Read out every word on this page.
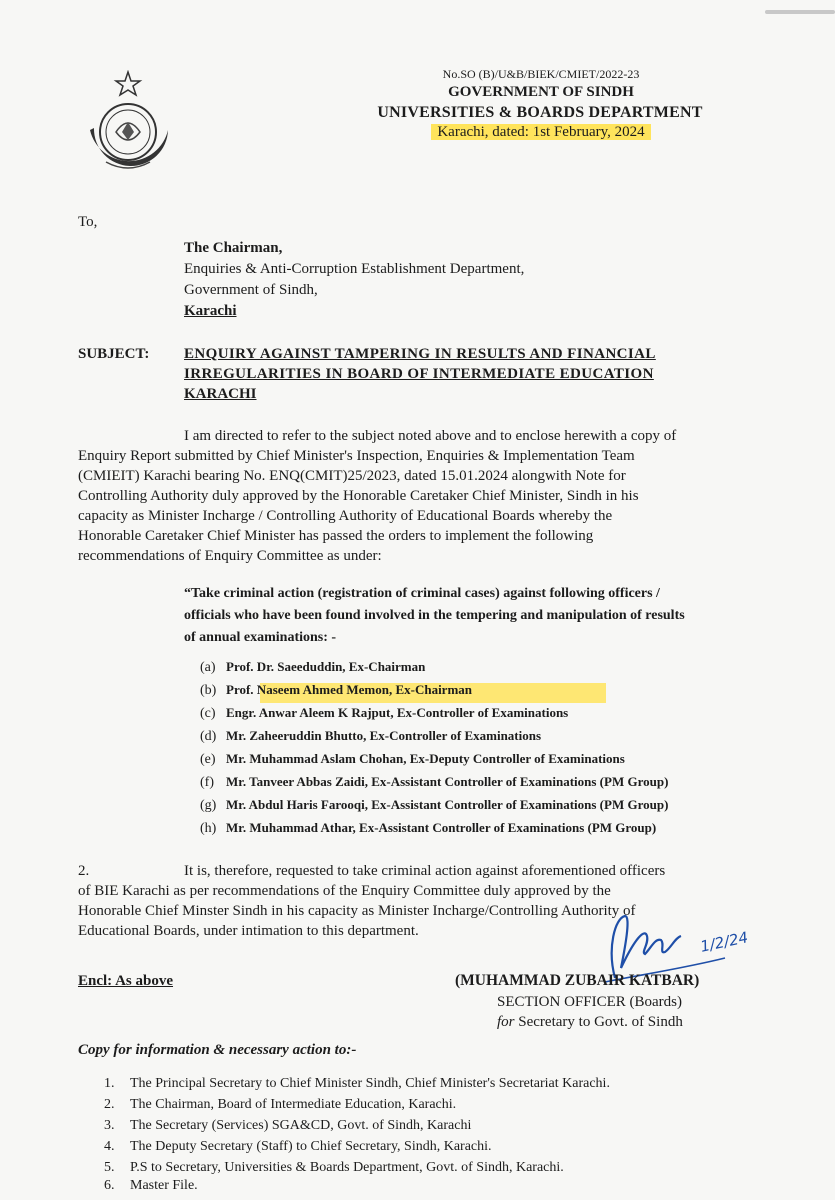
No.SO (B)/U&B/BIEK/CMIET/2022-23
GOVERNMENT OF SINDH
UNIVERSITIES & BOARDS DEPARTMENT
Karachi, dated: 1st February, 2024
To,
The Chairman,
Enquiries & Anti-Corruption Establishment Department,
Government of Sindh,
Karachi
SUBJECT: ENQUIRY AGAINST TAMPERING IN RESULTS AND FINANCIAL
IRREGULARITIES IN BOARD OF INTERMEDIATE EDUCATION
KARACHI
I am directed to refer to the subject noted above and to enclose herewith a copy of
Enquiry Report submitted by Chief Minister's Inspection, Enquiries & Implementation Team
(CMIEIT) Karachi bearing No. ENQ(CMIT)25/2023, dated 15.01.2024 alongwith Note for
Controlling Authority duly approved by the Honorable Caretaker Chief Minister, Sindh in his
capacity as Minister Incharge / Controlling Authority of Educational Boards whereby the
Honorable Caretaker Chief Minister has passed the orders to implement the following
recommendations of Enquiry Committee as under:
“Take criminal action (registration of criminal cases) against following officers /
officials who have been found involved in the tempering and manipulation of results
of annual examinations: -
(a) Prof. Dr. Saeeduddin, Ex-Chairman
(b) Prof. Naseem Ahmed Memon, Ex-Chairman
(c) Engr. Anwar Aleem K Rajput, Ex-Controller of Examinations
(d) Mr. Zaheeruddin Bhutto, Ex-Controller of Examinations
(e) Mr. Muhammad Aslam Chohan, Ex-Deputy Controller of Examinations
(f) Mr. Tanveer Abbas Zaidi, Ex-Assistant Controller of Examinations (PM Group)
(g) Mr. Abdul Haris Farooqi, Ex-Assistant Controller of Examinations (PM Group)
(h) Mr. Muhammad Athar, Ex-Assistant Controller of Examinations (PM Group)
2.	It is, therefore, requested to take criminal action against aforementioned officers
of BIE Karachi as per recommendations of the Enquiry Committee duly approved by the
Honorable Chief Minster Sindh in his capacity as Minister Incharge/Controlling Authority of
Educational Boards, under intimation to this department.	1/2/24
Encl: As above	(MUHAMMAD ZUBAIR KATBAR)
SECTION OFFICER (Boards)
for Secretary to Govt. of Sindh
Copy for information & necessary action to:-
1. The Principal Secretary to Chief Minister Sindh, Chief Minister's Secretariat Karachi.
2. The Chairman, Board of Intermediate Education, Karachi.
3. The Secretary (Services) SGA&CD, Govt. of Sindh, Karachi
4. The Deputy Secretary (Staff) to Chief Secretary, Sindh, Karachi.
5. P.S to Secretary, Universities & Boards Department, Govt. of Sindh, Karachi.
6. Master File.
